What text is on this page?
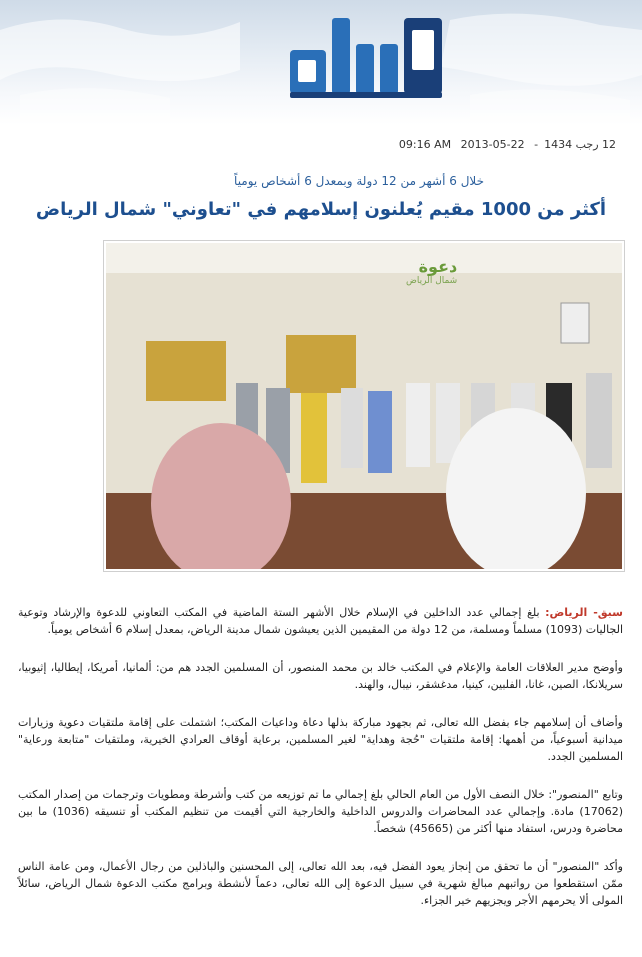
12 رجب 1434- 22-05-2013 09:16 AM
خلال 6 أشهر من 12 دولة وبمعدل 6 أشخاص يومياً
أكثر من 1000 مقيم يُعلنون إسلامهم في "تعاوني" شمال الرياض
دعوة
شمال الرياض

سبق- الرياض: بلغ إجمالي عدد الداخلين في الإسلام خلال الأشهر الستة الماضية في المكتب التعاوني للدعوة والإرشاد وتوعية الجاليات (1093) مسلماً ومسلمة، من 12 دولة من المقيمين الذين يعيشون شمال مدينة الرياض، بمعدل إسلام 6 أشخاص يومياً.

وأوضح مدير العلاقات العامة والإعلام في المكتب خالد بن محمد المنصور، أن المسلمين الجدد هم من: ألمانيا، أمريكا، إيطاليا، إثيوبيا، سريلانكا، الصين، غانا، الفلبين، كينيا، مدغشقر، نيبال، والهند.

وأضاف أن إسلامهم جاء بفضل الله تعالى، ثم بجهود مباركة بذلها دعاة وداعيات المكتب؛ اشتملت على إقامة ملتقيات دعوية وزيارات ميدانية أسبوعياً، من أهمها: إقامة ملتقيات "حُجة وهداية" لغير المسلمين، برعاية أوقاف العرادي الخيرية، وملتقيات "متابعة ورعاية" المسلمين الجدد.

وتابع "المنصور": خلال النصف الأول من العام الحالي بلغ إجمالي ما تم توزيعه من كتب وأشرطة ومطويات وترجمات من إصدار المكتب (17062) مادة. وإجمالي عدد المحاضرات والدروس الداخلية والخارجية التي أقيمت من تنظيم المكتب أو تنسيقه (1036) ما بين محاضرة ودرس، استفاد منها أكثر من (45665) شخصاً.

وأكد "المنصور" أن ما تحقق من إنجاز يعود الفضل فيه، بعد الله تعالى، إلى المحسنين والباذلين من رجال الأعمال، ومن عامة الناس ممّن استقطعوا من رواتبهم مبالغ شهرية في سبيل الدعوة إلى الله تعالى، دعماً لأنشطة وبرامج مكتب الدعوة شمال الرياض، سائلاً المولى ألا يحرمهم الأجر ويجزيهم خير الجزاء.
